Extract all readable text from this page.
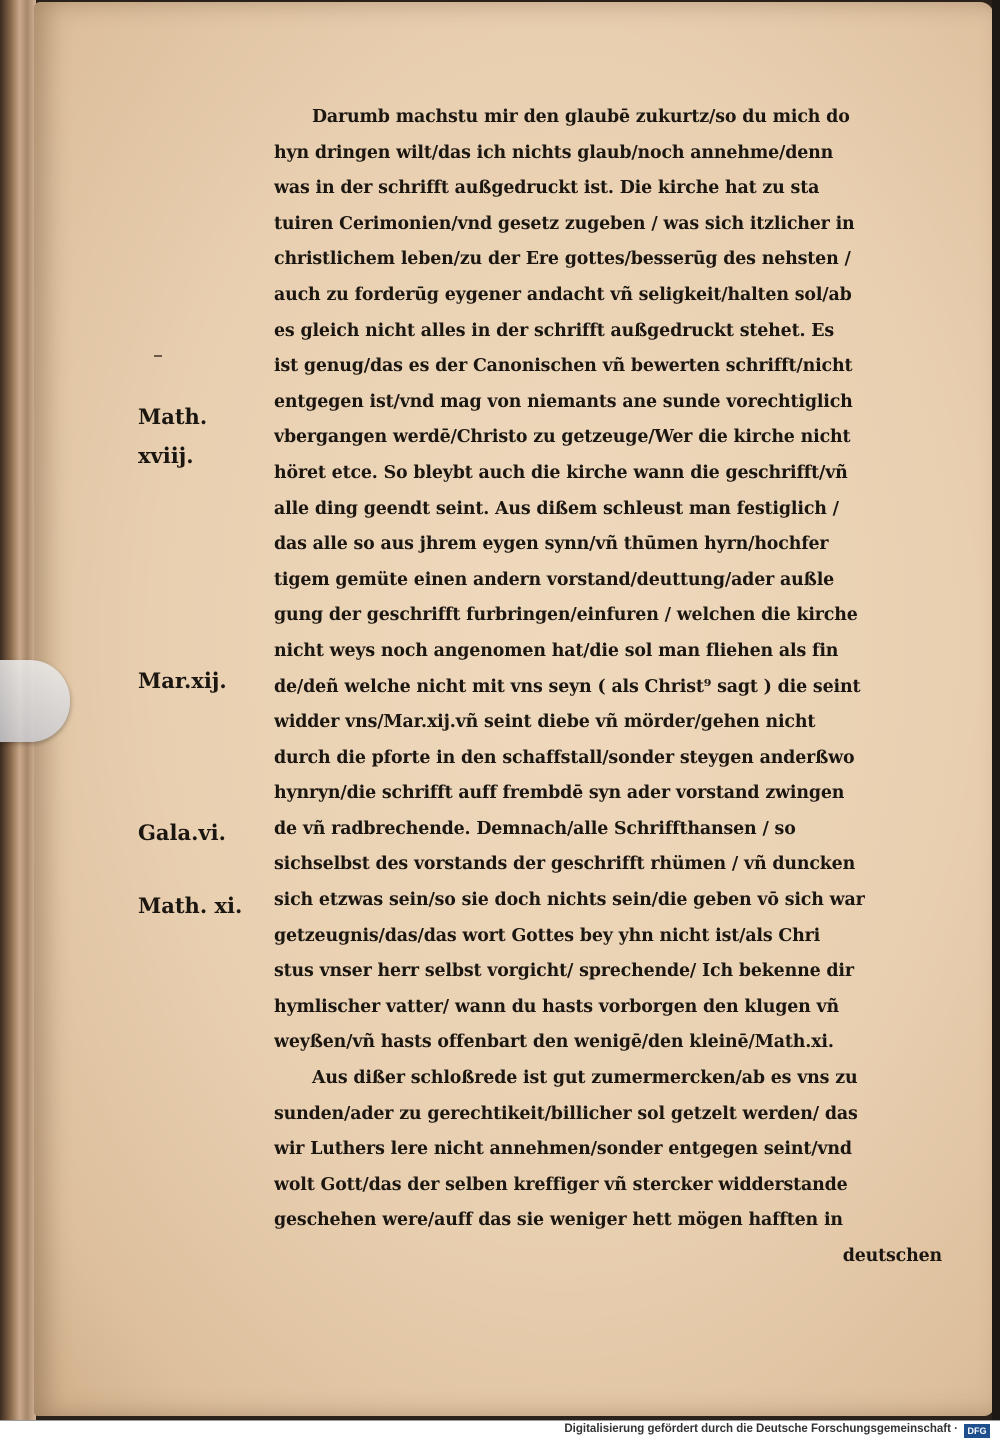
Math.
xviij.
Mar.xij.
Gala.vi.
Math. xi.
Darumb machstu mir den glaubē zukurtz/so du mich do
hyn dringen wilt/das ich nichts glaub/noch annehme/denn
was in der schrifft außgedruckt ist. Die kirche hat zu sta
tuiren Cerimonien/vnd gesetz zugeben / was sich itzlicher in
christlichem leben/zu der Ere gottes/besserūg des nehsten /
auch zu forderūg eygener andacht vñ seligkeit/halten sol/ab
es gleich nicht alles in der schrifft außgedruckt stehet. Es
ist genug/das es der Canonischen vñ bewerten schrifft/nicht
entgegen ist/vnd mag von niemants ane sunde vorechtiglich
vbergangen werdē/Christo zu getzeuge/Wer die kirche nicht
höret etce. So bleybt auch die kirche wann die geschrifft/vñ
alle ding geendt seint. Aus dißem schleust man festiglich /
das alle so aus jhrem eygen synn/vñ thūmen hyrn/hochfer
tigem gemüte einen andern vorstand/deuttung/ader außle
gung der geschrifft furbringen/einfuren / welchen die kirche
nicht weys noch angenomen hat/die sol man fliehen als fin
de/deñ welche nicht mit vns seyn ( als Christ⁹ sagt ) die seint
widder vns/Mar.xij.vñ seint diebe vñ mörder/gehen nicht
durch die pforte in den schaffstall/sonder steygen anderßwo
hynryn/die schrifft auff frembdē syn ader vorstand zwingen
de vñ radbrechende. Demnach/alle Schriffthansen / so
sichselbst des vorstands der geschrifft rhümen / vñ duncken
sich etzwas sein/so sie doch nichts sein/die geben vō sich war
getzeugnis/das/das wort Gottes bey yhn nicht ist/als Chri
stus vnser herr selbst vorgicht/ sprechende/ Ich bekenne dir
hymlischer vatter/ wann du hasts vorborgen den klugen vñ
weyßen/vñ hasts offenbart den wenigē/den kleinē/Math.xi.
Aus dißer schloßrede ist gut zumermercken/ab es vns zu
sunden/ader zu gerechtikeit/billicher sol getzelt werden/ das
wir Luthers lere nicht annehmen/sonder entgegen seint/vnd
wolt Gott/das der selben kreffiger vñ stercker widderstande
geschehen were/auff das sie weniger hett mögen hafften in
deutschen
Digitalisierung gefördert durch die Deutsche Forschungsgemeinschaft ·	DFG
